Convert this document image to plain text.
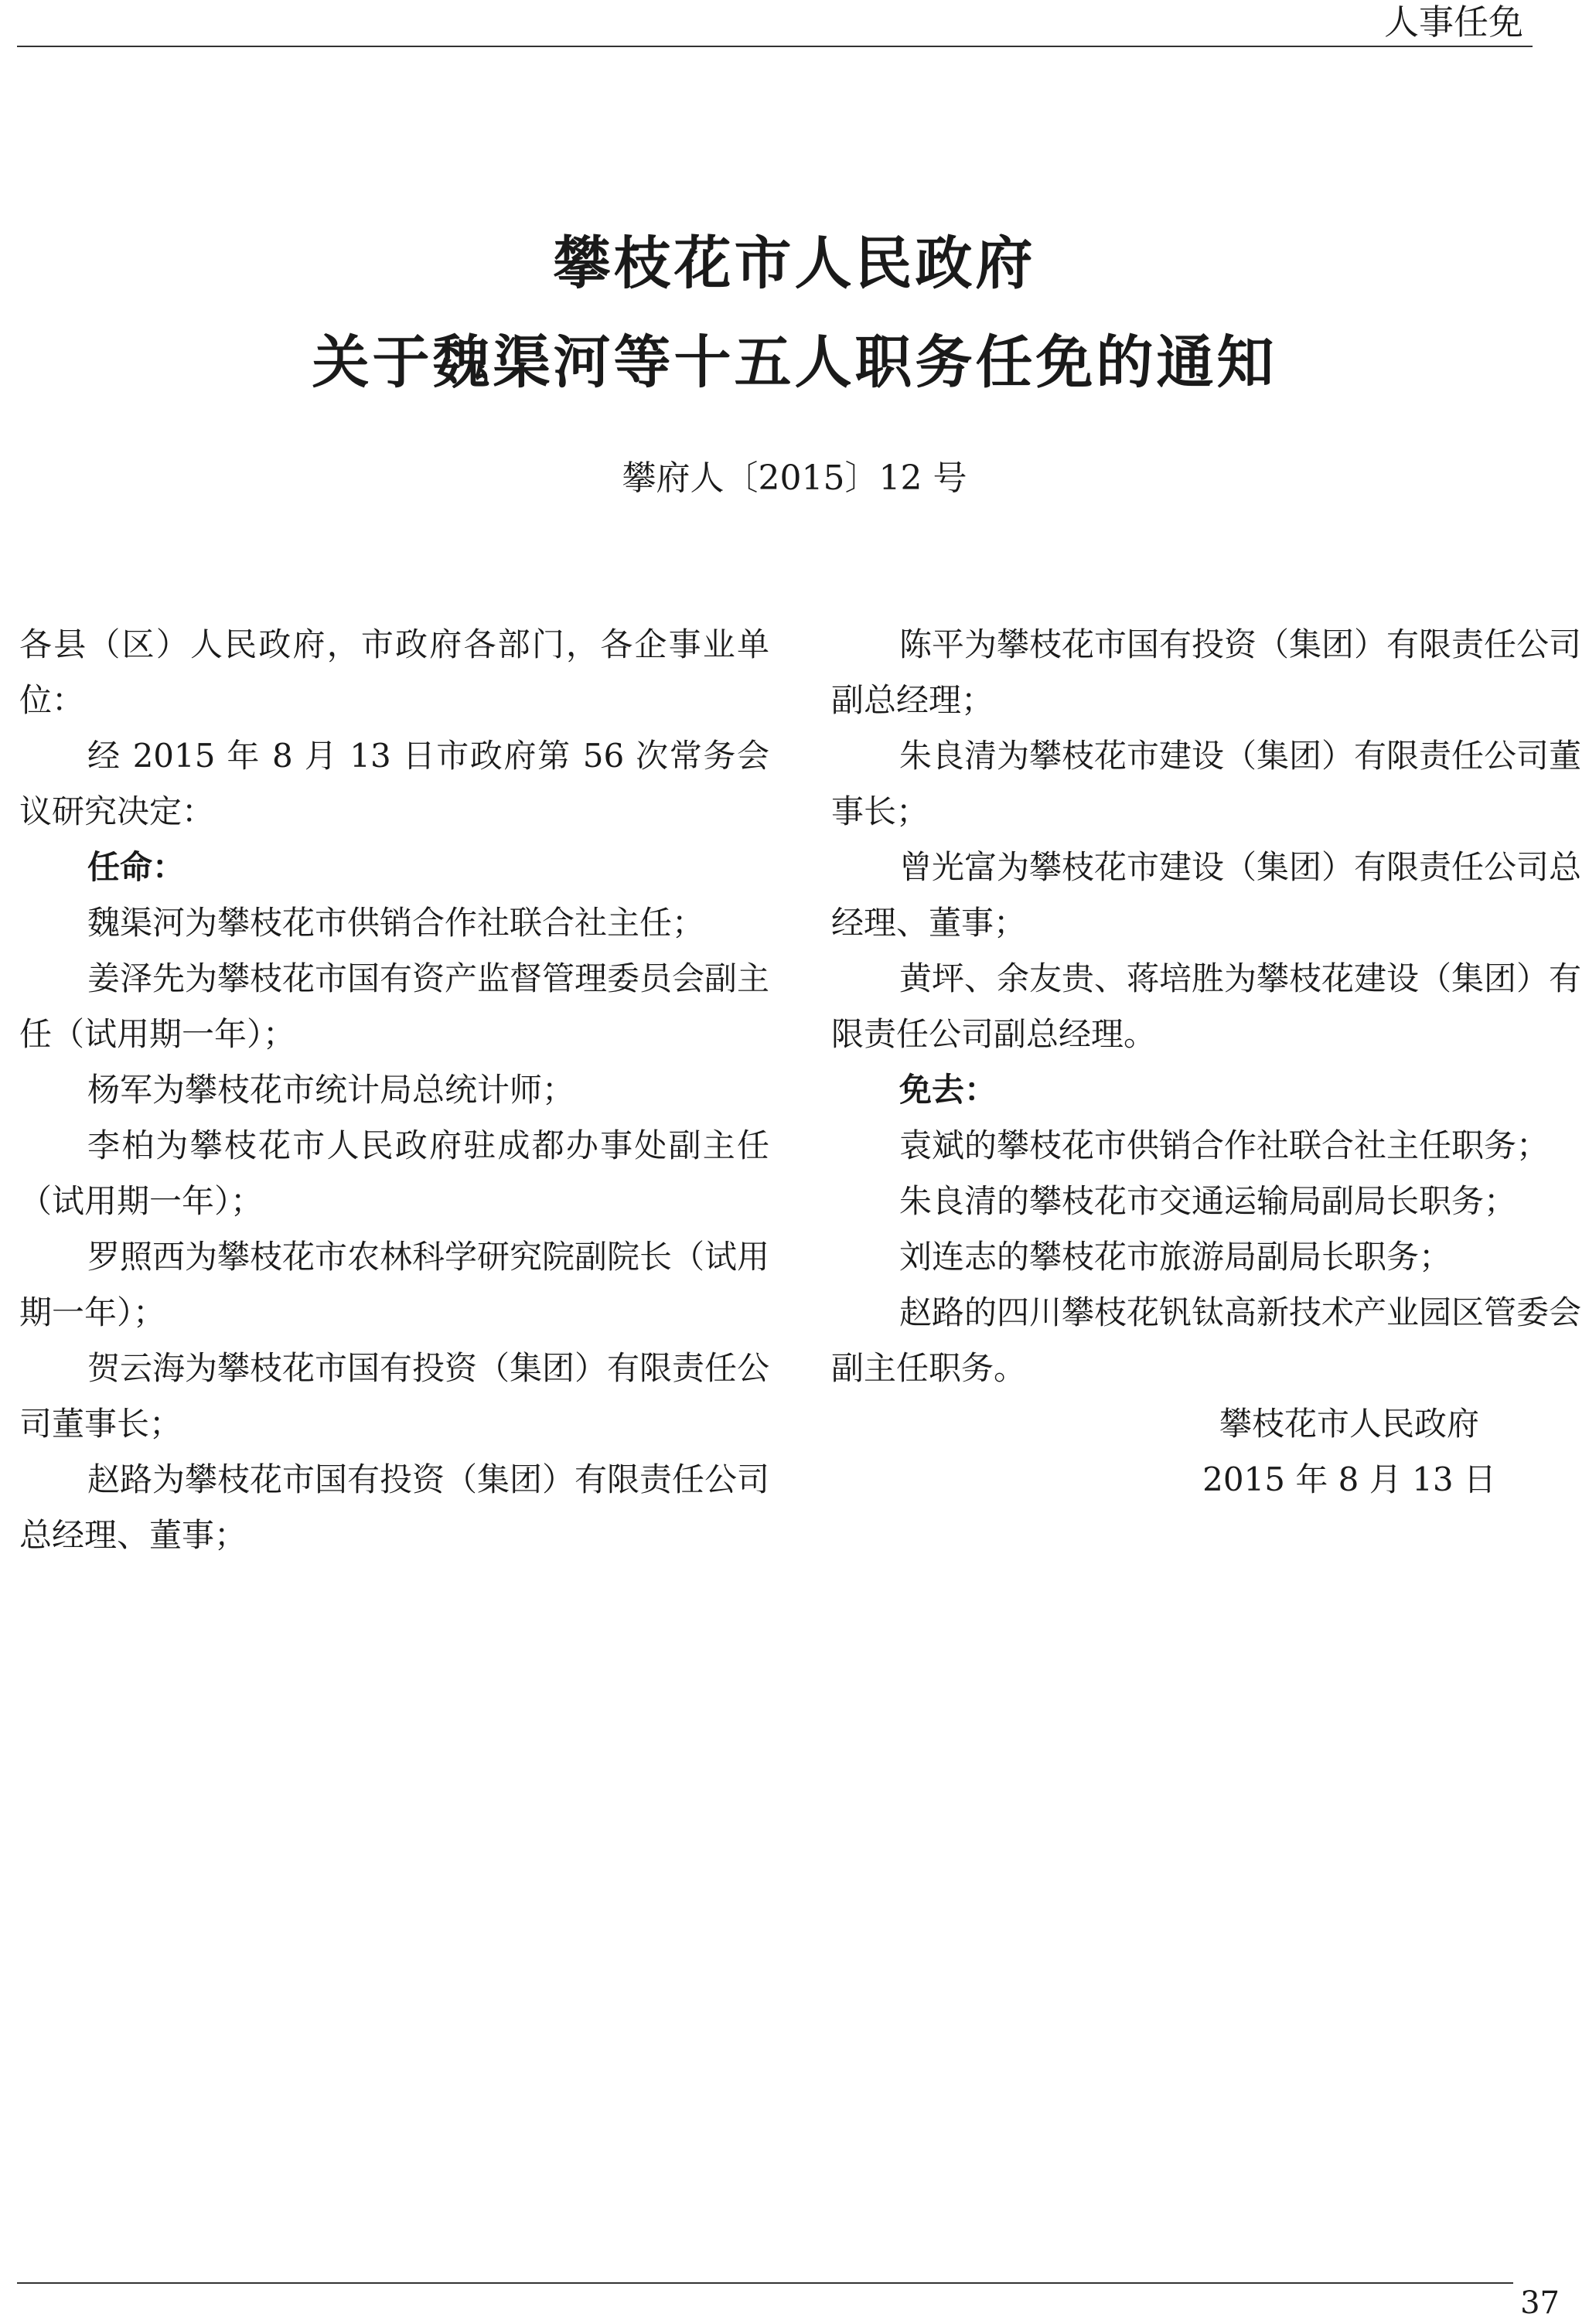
人事任免
攀枝花市人民政府
关于魏渠河等十五人职务任免的通知
攀府人〔2015〕12 号

各县（区）人民政府，市政府各部门，各企事业单位：

经 2015 年 8 月 13 日市政府第 56 次常务会议研究决定：

任命：

魏渠河为攀枝花市供销合作社联合社主任；

姜泽先为攀枝花市国有资产监督管理委员会副主任（试用期一年）；

杨军为攀枝花市统计局总统计师；

李柏为攀枝花市人民政府驻成都办事处副主任（试用期一年）；

罗照西为攀枝花市农林科学研究院副院长（试用期一年）；

贺云海为攀枝花市国有投资（集团）有限责任公司董事长；

赵路为攀枝花市国有投资（集团）有限责任公司总经理、董事；

陈平为攀枝花市国有投资（集团）有限责任公司副总经理；

朱良清为攀枝花市建设（集团）有限责任公司董事长；

曾光富为攀枝花市建设（集团）有限责任公司总经理、董事；

黄坪、余友贵、蒋培胜为攀枝花建设（集团）有限责任公司副总经理。

免去：

袁斌的攀枝花市供销合作社联合社主任职务；

朱良清的攀枝花市交通运输局副局长职务；

刘连志的攀枝花市旅游局副局长职务；

赵路的四川攀枝花钒钛高新技术产业园区管委会副主任职务。

攀枝花市人民政府

2015 年 8 月 13 日

37
